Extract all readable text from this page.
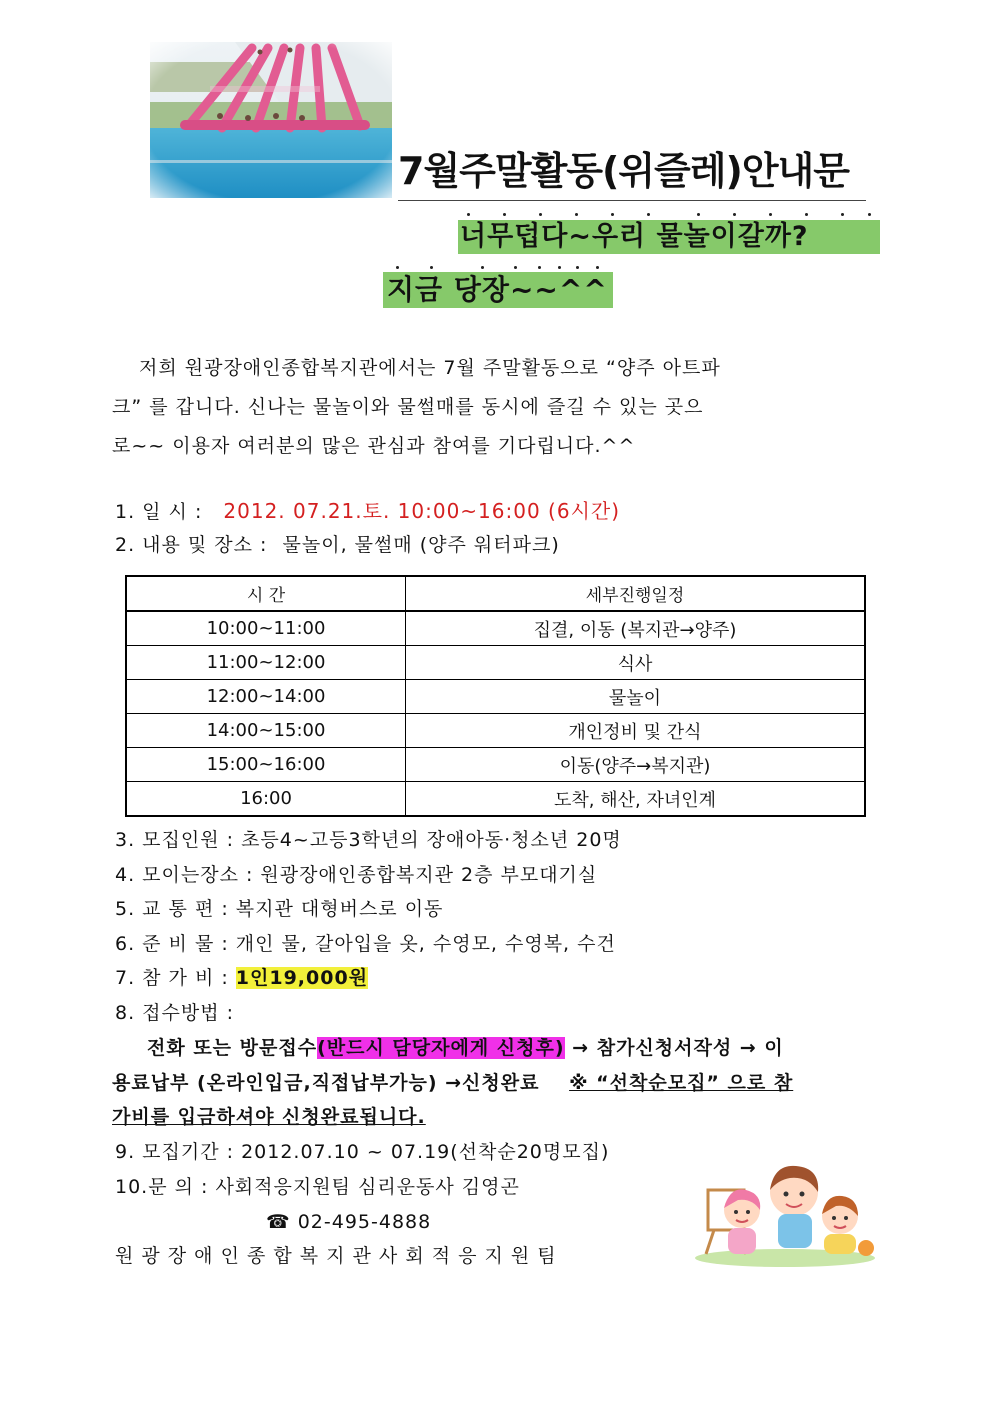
7월주말활동(위즐레)안내문
너무덥다~우리 물놀이갈까?
지금 당장~~^^
저희 원광장애인종합복지관에서는 7월 주말활동으로 “양주 아트파
크” 를 갑니다. 신나는 물놀이와 물썰매를 동시에 즐길 수 있는 곳으
로~~ 이용자 여러분의 많은 관심과 참여를 기다립니다.^^
1. 일 시 : 2012. 07.21.토. 10:00~16:00 (6시간)
2. 내용 및 장소 : 물놀이, 물썰매 (양주 워터파크)
시 간	세부진행일정
10:00~11:00	집결, 이동 (복지관→양주)
11:00~12:00	식사
12:00~14:00	물놀이
14:00~15:00	개인정비 및 간식
15:00~16:00	이동(양주→복지관)
16:00	도착, 해산, 자녀인계
3. 모집인원 : 초등4~고등3학년의 장애아동·청소년 20명
4. 모이는장소 : 원광장애인종합복지관 2층 부모대기실
5. 교 통 편 : 복지관 대형버스로 이동
6. 준 비 물 : 개인 물, 갈아입을 옷, 수영모, 수영복, 수건
7. 참 가 비 : 1인19,000원
8. 접수방법 :
전화 또는 방문접수(반드시 담당자에게 신청후) → 참가신청서작성 → 이
용료납부 (온라인입금,직접납부가능) →신청완료 ※ “선착순모집” 으로 참
가비를 입금하셔야 신청완료됩니다.
9. 모집기간 : 2012.07.10 ~ 07.19(선착순20명모집)
10.문 의 : 사회적응지원팀 심리운동사 김영곤
☎ 02-495-4888
원 광 장 애 인 종 합 복 지 관 사 회 적 응 지 원 팀
